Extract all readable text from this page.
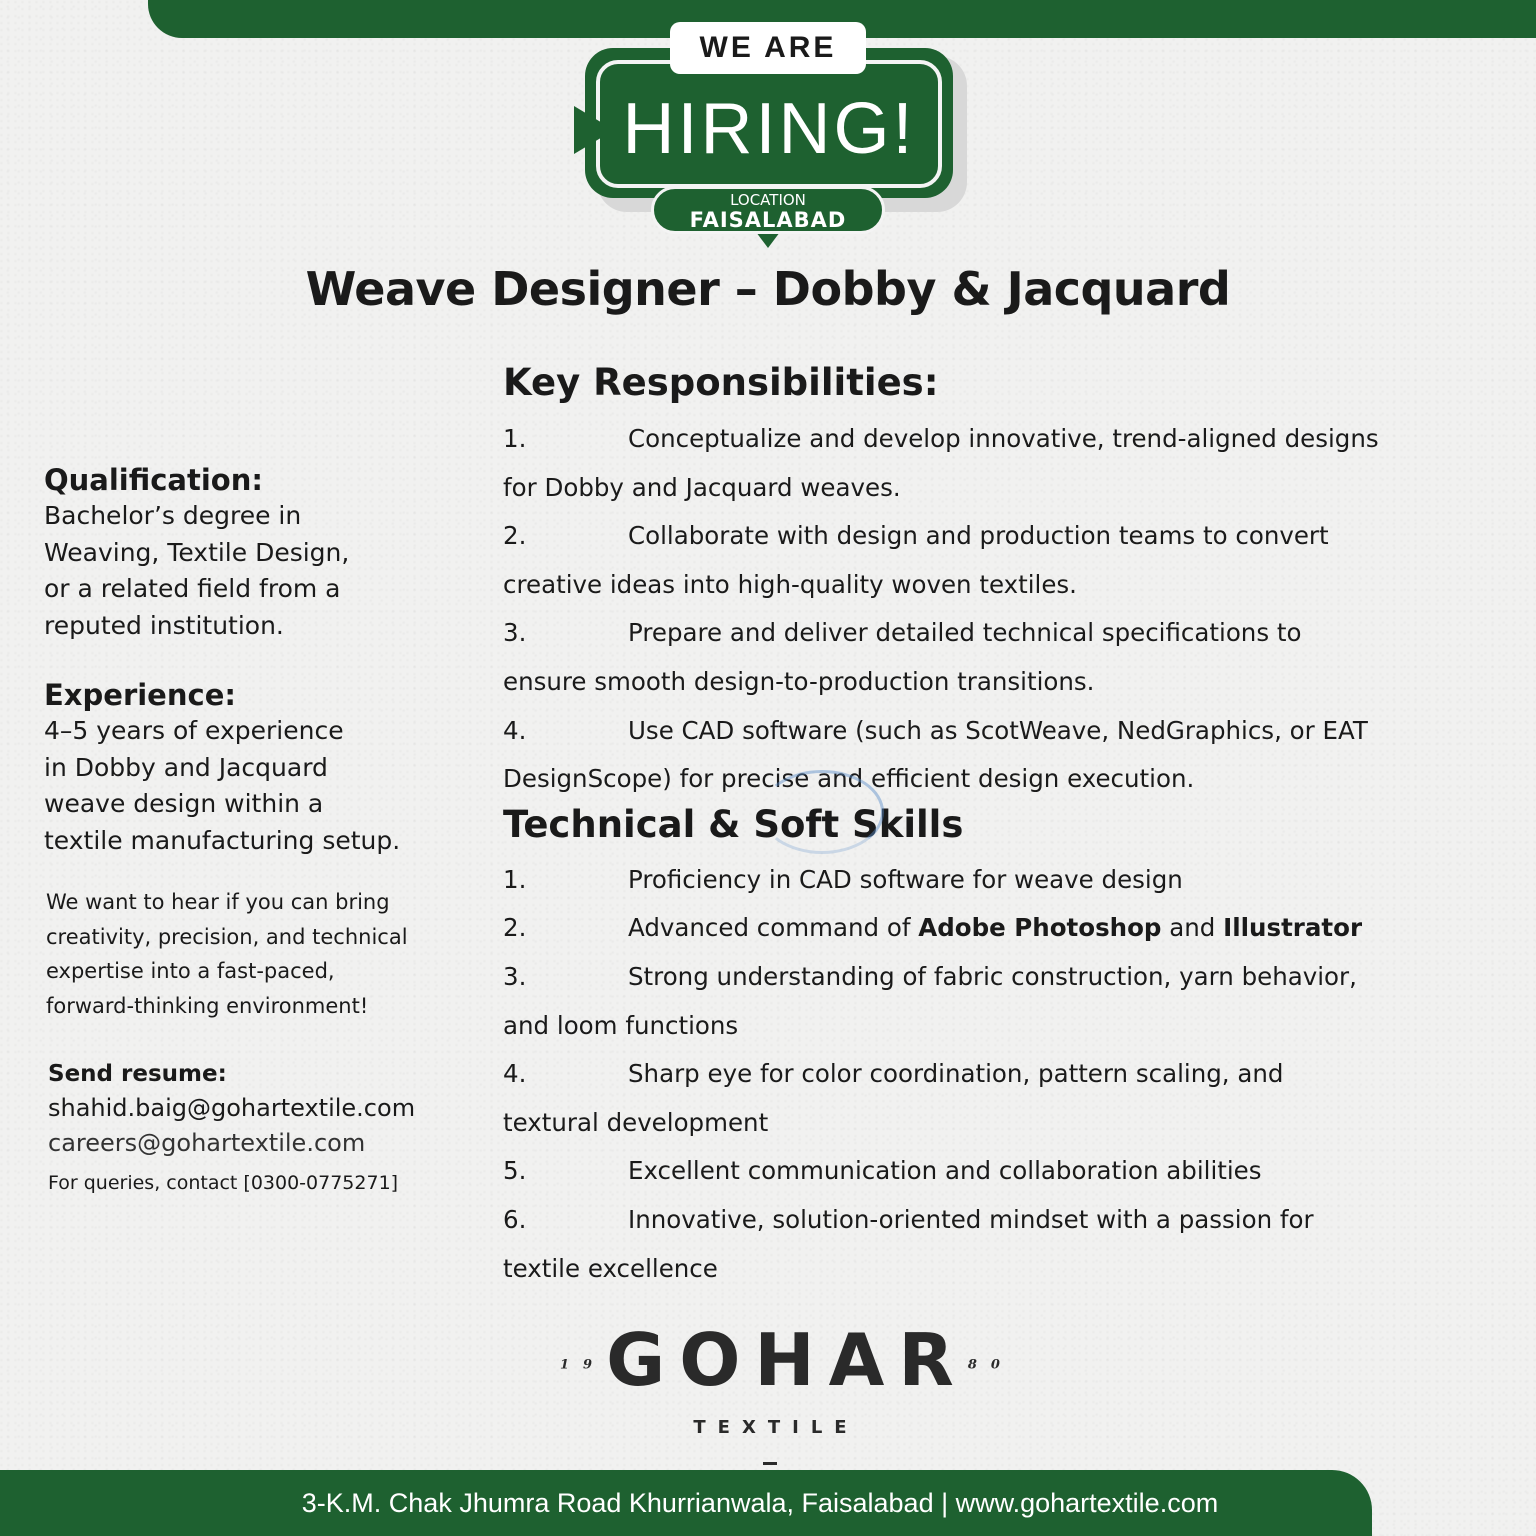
WE ARE
HIRING!
LOCATION
FAISALABAD
Weave Designer – Dobby & Jacquard

Qualification:

Bachelor’s degree in
Weaving, Textile Design,
or a related field from a
reputed institution.

Experience:

4–5 years of experience
in Dobby and Jacquard
weave design within a
textile manufacturing setup.

We want to hear if you can bring
creativity, precision, and technical
expertise into a fast-paced,
forward-thinking environment!

Send resume:
shahid.baig@gohartextile.com
careers@gohartextile.com
For queries, contact [0300-0775271]
Key Responsibilities:
1.	Conceptualize and develop innovative, trend-aligned designs
for Dobby and Jacquard weaves.
2.	Collaborate with design and production teams to convert
creative ideas into high-quality woven textiles.
3.	Prepare and deliver detailed technical specifications to
ensure smooth design-to-production transitions.
4.	Use CAD software (such as ScotWeave, NedGraphics, or EAT
DesignScope) for precise and efficient design execution.
Technical & Soft Skills
1.	Proficiency in CAD software for weave design
2.	Advanced command of Adobe Photoshop and Illustrator
3.	Strong understanding of fabric construction, yarn behavior,
and loom functions
4.	Sharp eye for color coordination, pattern scaling, and
textural development
5.	Excellent communication and collaboration abilities
6.	Innovative, solution-oriented mindset with a passion for
textile excellence
19GOHAR80
TEXTILE
3-K.M. Chak Jhumra Road Khurrianwala, Faisalabad | www.gohartextile.com
